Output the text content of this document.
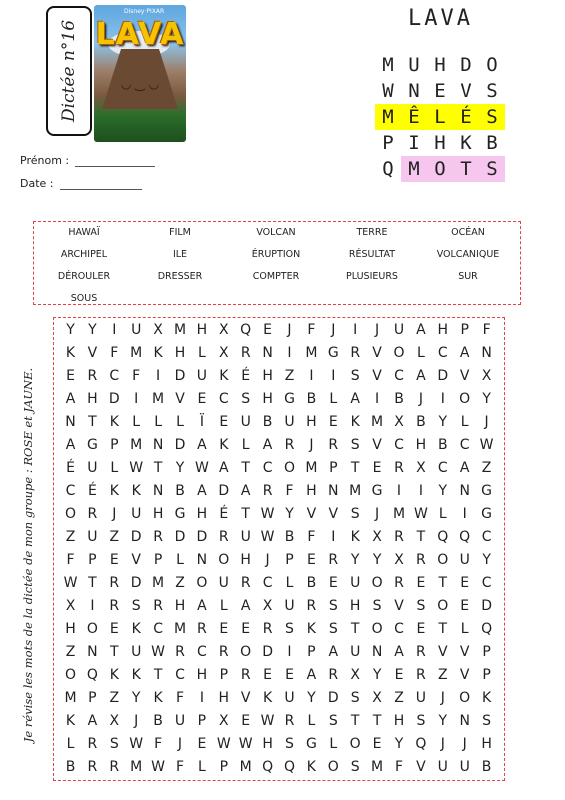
Dictée n°16	◡ ‿ ◡
Disney·PIXAR
LAVA
Prénom :
Date :
LAVA
M U H D O
W N E V S
M Ê L É S
P I H K B
Q M O T S
HAWAÏ	FILM	VOLCAN	TERRE	OCÉAN
ARCHIPEL	ILE	ÉRUPTION	RÉSULTAT	VOLCANIQUE
DÉROULER	DRESSER	COMPTER	PLUSIEURS	SUR
SOUS
Je révise les mots de la dictée de mon groupe : ROSE et JAUNE.
Y Y	I	U X M H X Q E	J	F	J	I	J	U A H P F
K V F M K H L X R N	I M G R V O L C A N
E R C F	I	D U K É H Z	I	I	S V C A D V X
A H D	I M V E C S H G B L A	I	B	J	I	O Y
N T K L	L	L	Ï	E U B U H E K M X B Y L	J
A G P M N D A K L A R	J	R S V C H B C W
É U L W T Y W A T C O M P T E R X C A Z
C É K K N B A D A R F H N M G	I	I	Y N G
O R	J	U H G H É T W Y V V S	J M W L	I	G
Z U Z D R D D R U W B F	I	K X R T Q Q C
F P E V P L N O H	J	P E R Y Y X R O U Y
W T R D M Z O U R C L B E U O R E T E C
X	I	R S R H A L A X U R S H S V S O E D
H O E K C M R E E R S K S T O C E T L Q
Z N T U W R C R O D	I	P A U N A R V V P
O Q K K T C H P R E E A R X Y E R Z V P
M P Z Y K F	I	H V K U Y D S X Z U	J	O K
K A X	J	B U P X E W R L S T T H S Y N S
L R S W F	J	E W W H S G L O E Y Q	J	J	H
B R R M W F L P M Q Q K O S M F V U U B
